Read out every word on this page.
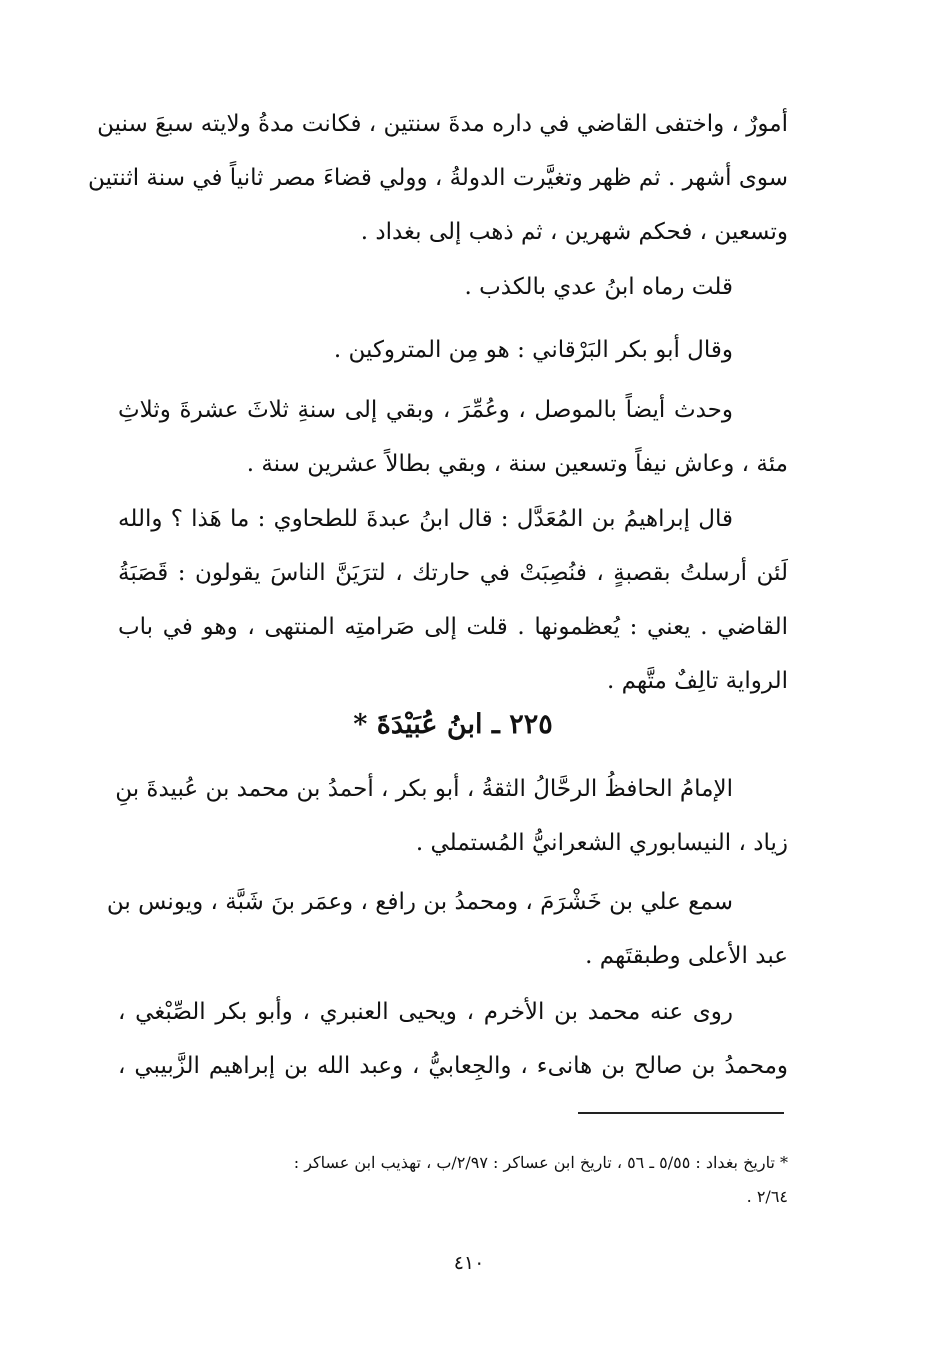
أمورٌ ، واختفى القاضي في داره مدةَ سنتين ، فكانت مدةُ ولايته سبعَ سنين
سوى أشهر . ثم ظهر وتغيَّرت الدولةُ ، وولي قضاءَ مصر ثانياً في سنة اثنتين
وتسعين ، فحكم شهرين ، ثم ذهب إلى بغداد .
قلت رماه ابنُ عدي بالكذب .
وقال أبو بكر البَرْقاني : هو مِن المتروكين .
وحدث أيضاً بالموصل ، وعُمِّرَ ، وبقي إلى سنةِ ثلاثَ عشرةَ وثلاثِ
مئة ، وعاش نيفاً وتسعين سنة ، وبقي بطالاً عشرين سنة .
قال إبراهيمُ بن المُعَدَّل : قال ابنُ عبدةَ للطحاوي : ما هَذا ؟ والله
لَئن أرسلتُ بقصبةٍ ، فنُصِبَتْ في حارتك ، لترَيَنَّ الناسَ يقولون : قَصَبَةُ
القاضي . يعني : يُعظمونها . قلت إلى صَرامتِه المنتهى ، وهو في باب
الرواية تالِفٌ متَّهم .
٢٢٥ ـ ابنُ عُبَيْدَةَ *
الإمامُ الحافظُ الرحَّالُ الثقةُ ، أبو بكر ، أحمدُ بن محمد بن عُبيدةَ بنِ
زياد ، النيسابوري الشعرانيُّ المُستملي .
سمع علي بن خَشْرَمَ ، ومحمدُ بن رافع ، وعمَر بنَ شَبَّة ، ويونس بن
عبد الأعلى وطبقتَهم .
روى عنه محمد بن الأخرم ، ويحيى العنبري ، وأبو بكر الصِّبْغي ،
ومحمدُ بن صالح بن هانىء ، والجِعابيُّ ، وعبد الله بن إبراهيم الزَّبيبي ،
* تاريخ بغداد : ٥/٥٥ ـ ٥٦ ، تاريخ ابن عساكر : ٢/٩٧/ب ، تهذيب ابن عساكر :
٢/٦٤ .
٤١٠
